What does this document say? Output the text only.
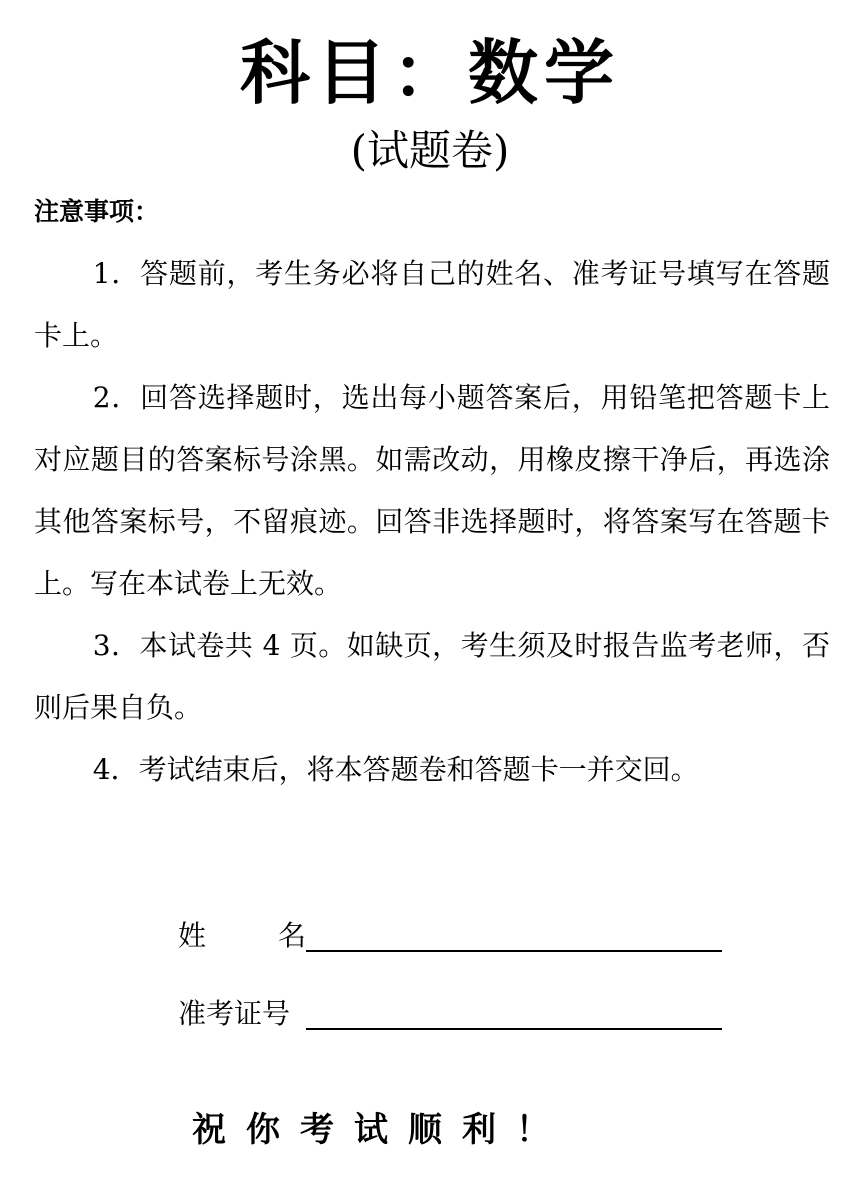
科目：数学
(试题卷)
注意事项：

1．答题前，考生务必将自己的姓名、准考证号填写在答题卡上。

2．回答选择题时，选出每小题答案后，用铅笔把答题卡上对应题目的答案标号涂黑。如需改动，用橡皮擦干净后，再选涂其他答案标号，不留痕迹。回答非选择题时，将答案写在答题卡上。写在本试卷上无效。

3．本试卷共 4 页。如缺页，考生须及时报告监考老师，否则后果自负。

4．考试结束后，将本答题卷和答题卡一并交回。

姓	名
准考证号
祝你考试顺利！
